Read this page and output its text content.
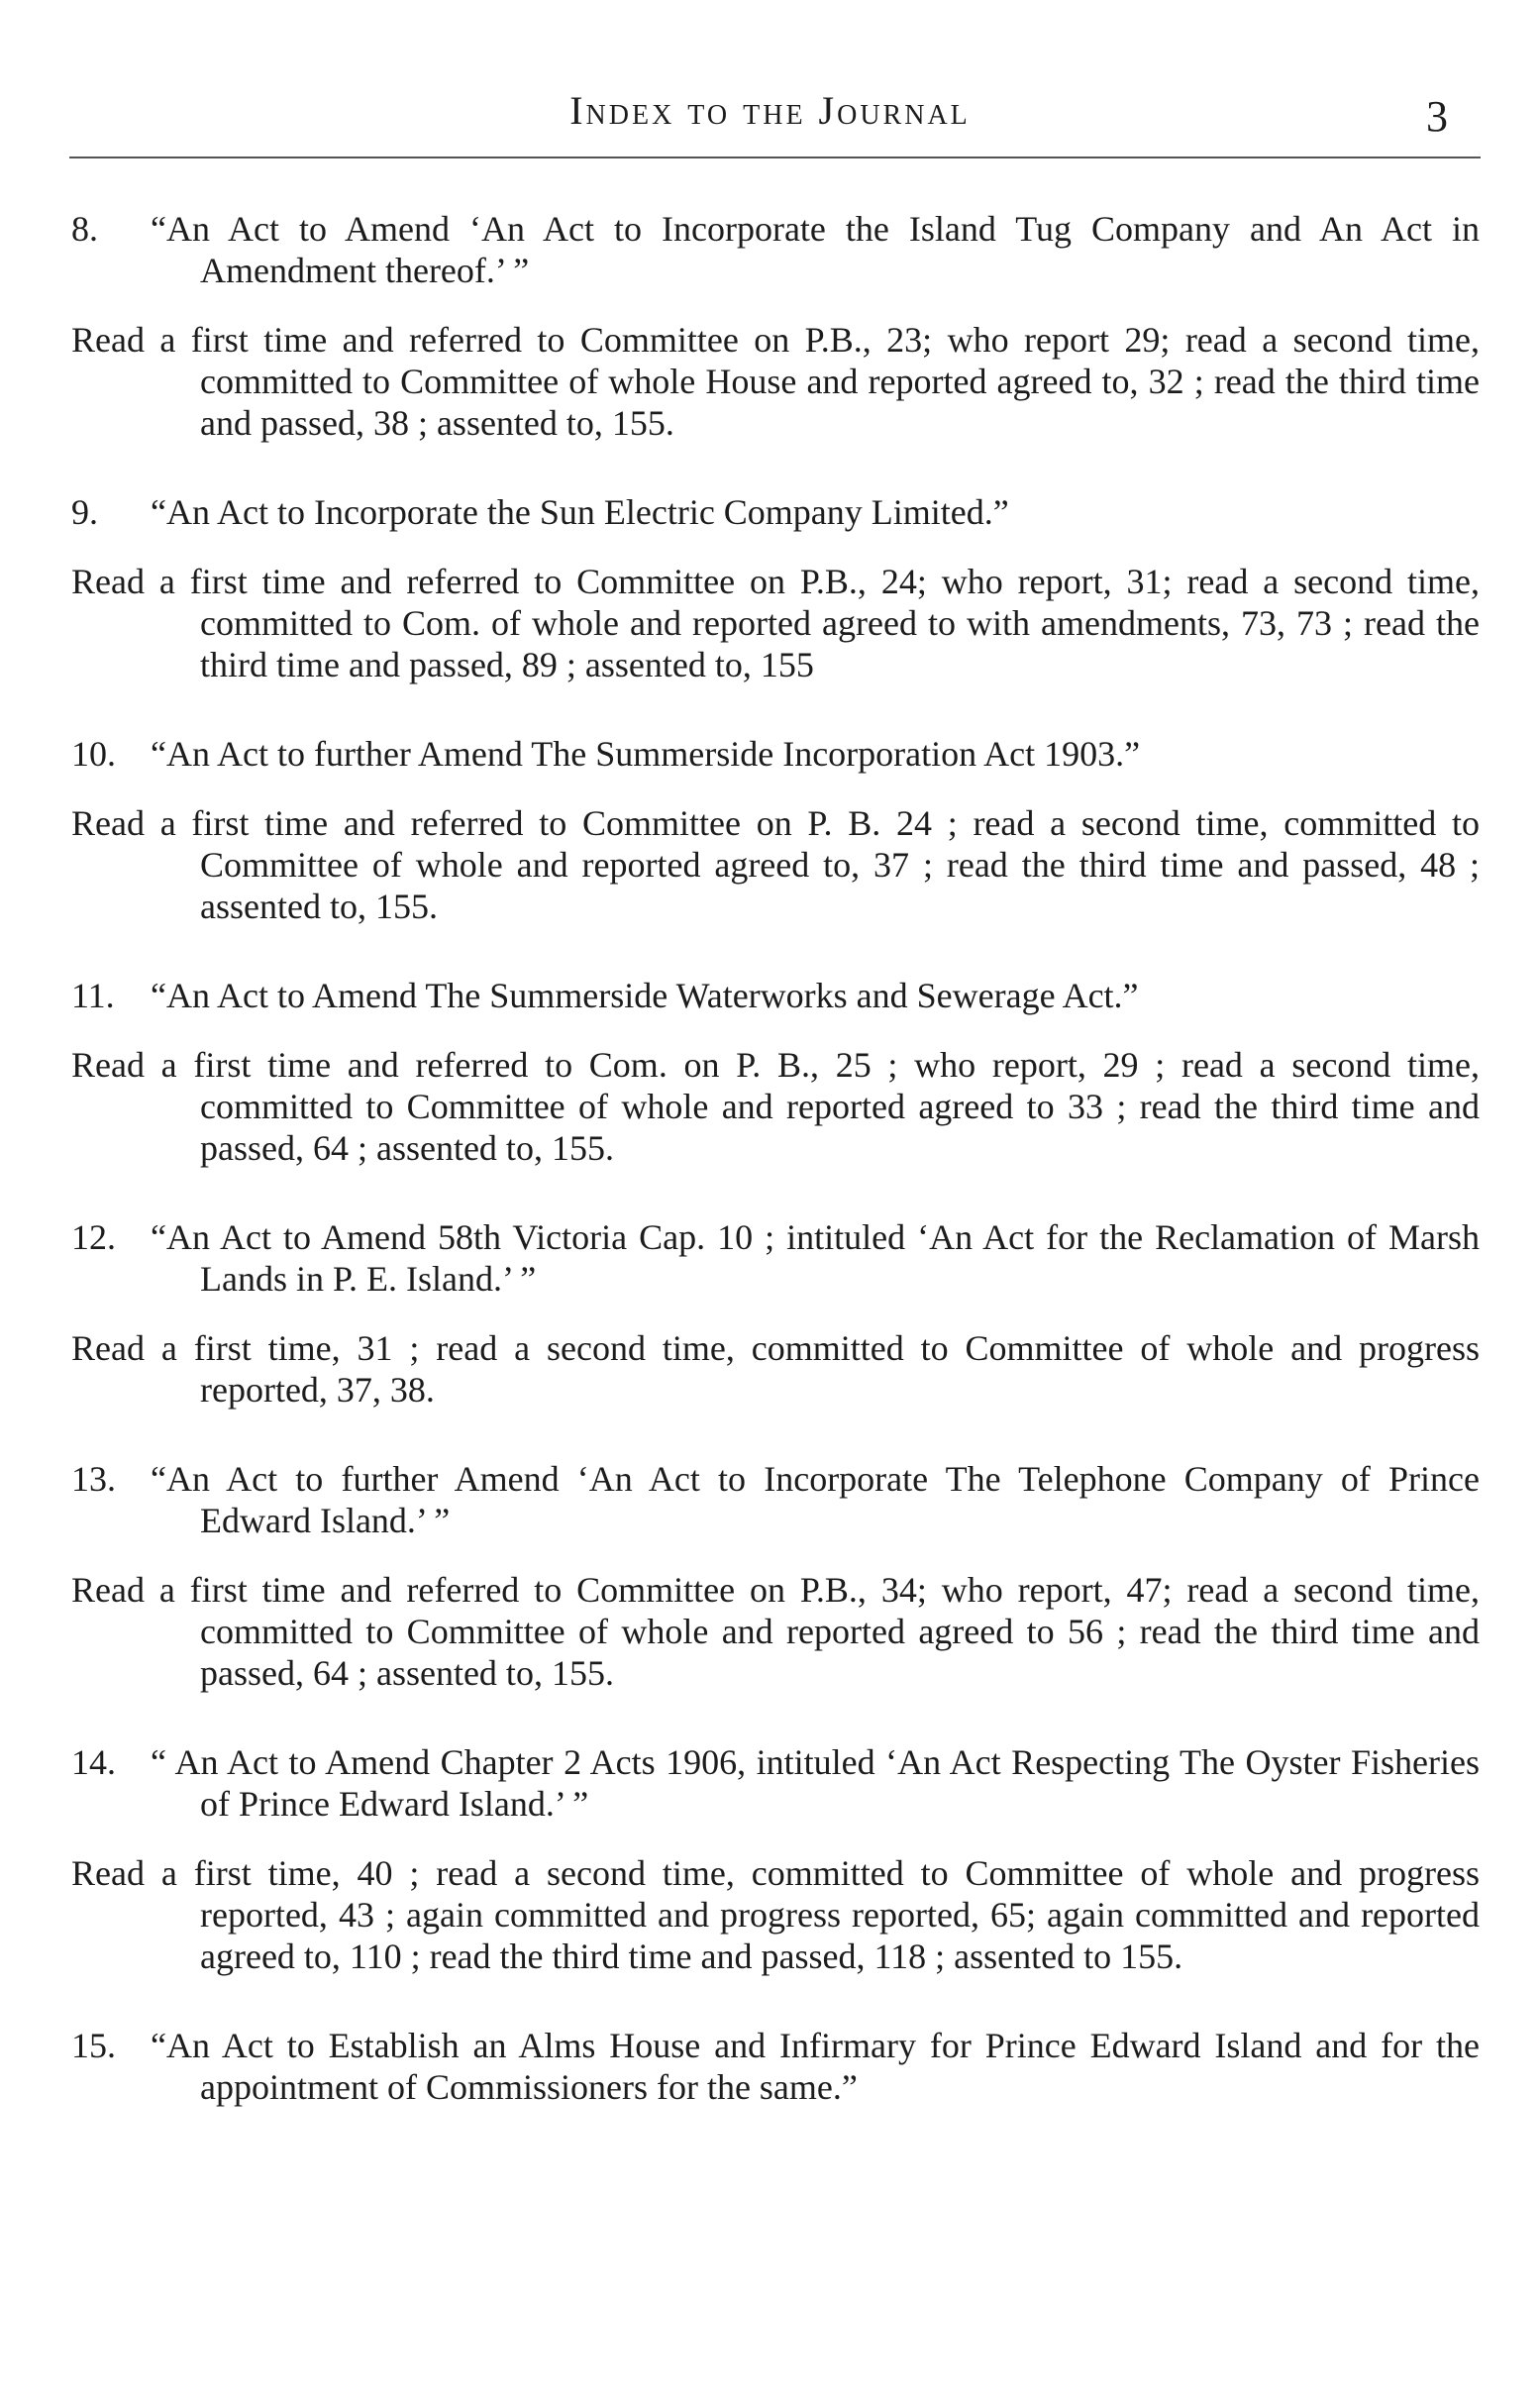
Index to the Journal	3
8. “An Act to Amend ‘An Act to Incorporate the Island Tug Company and An Act in Amendment thereof.’ ”
Read a first time and referred to Committee on P.B., 23; who report 29; read a second time, committed to Committee of whole House and reported agreed to, 32 ; read the third time and passed, 38 ; assented to, 155.
9. “An Act to Incorporate the Sun Electric Company Limited.”
Read a first time and referred to Committee on P.B., 24; who report, 31; read a second time, committed to Com. of whole and reported agreed to with amendments, 73, 73 ; read the third time and passed, 89 ; assented to, 155
10. “An Act to further Amend The Summerside Incorporation Act 1903.”
Read a first time and referred to Committee on P. B. 24 ; read a second time, committed to Committee of whole and reported agreed to, 37 ; read the third time and passed, 48 ; assented to, 155.
11. “An Act to Amend The Summerside Waterworks and Sewerage Act.”
Read a first time and referred to Com. on P. B., 25 ; who report, 29 ; read a second time, committed to Committee of whole and reported agreed to 33 ; read the third time and passed, 64 ; assented to, 155.
12. “An Act to Amend 58th Victoria Cap. 10 ; intituled ‘An Act for the Reclamation of Marsh Lands in P. E. Island.’ ”
Read a first time, 31 ; read a second time, committed to Committee of whole and progress reported, 37, 38.
13. “An Act to further Amend ‘An Act to Incorporate The Telephone Company of Prince Edward Island.’ ”
Read a first time and referred to Committee on P.B., 34; who report, 47; read a second time, committed to Committee of whole and reported agreed to 56 ; read the third time and passed, 64 ; assented to, 155.
14. “ An Act to Amend Chapter 2 Acts 1906, intituled ‘An Act Respecting The Oyster Fisheries of Prince Edward Island.’ ”
Read a first time, 40 ; read a second time, committed to Committee of whole and progress reported, 43 ; again committed and progress reported, 65; again committed and reported agreed to, 110 ; read the third time and passed, 118 ; assented to 155.
15. “An Act to Establish an Alms House and Infirmary for Prince Edward Island and for the appointment of Commissioners for the same.”
